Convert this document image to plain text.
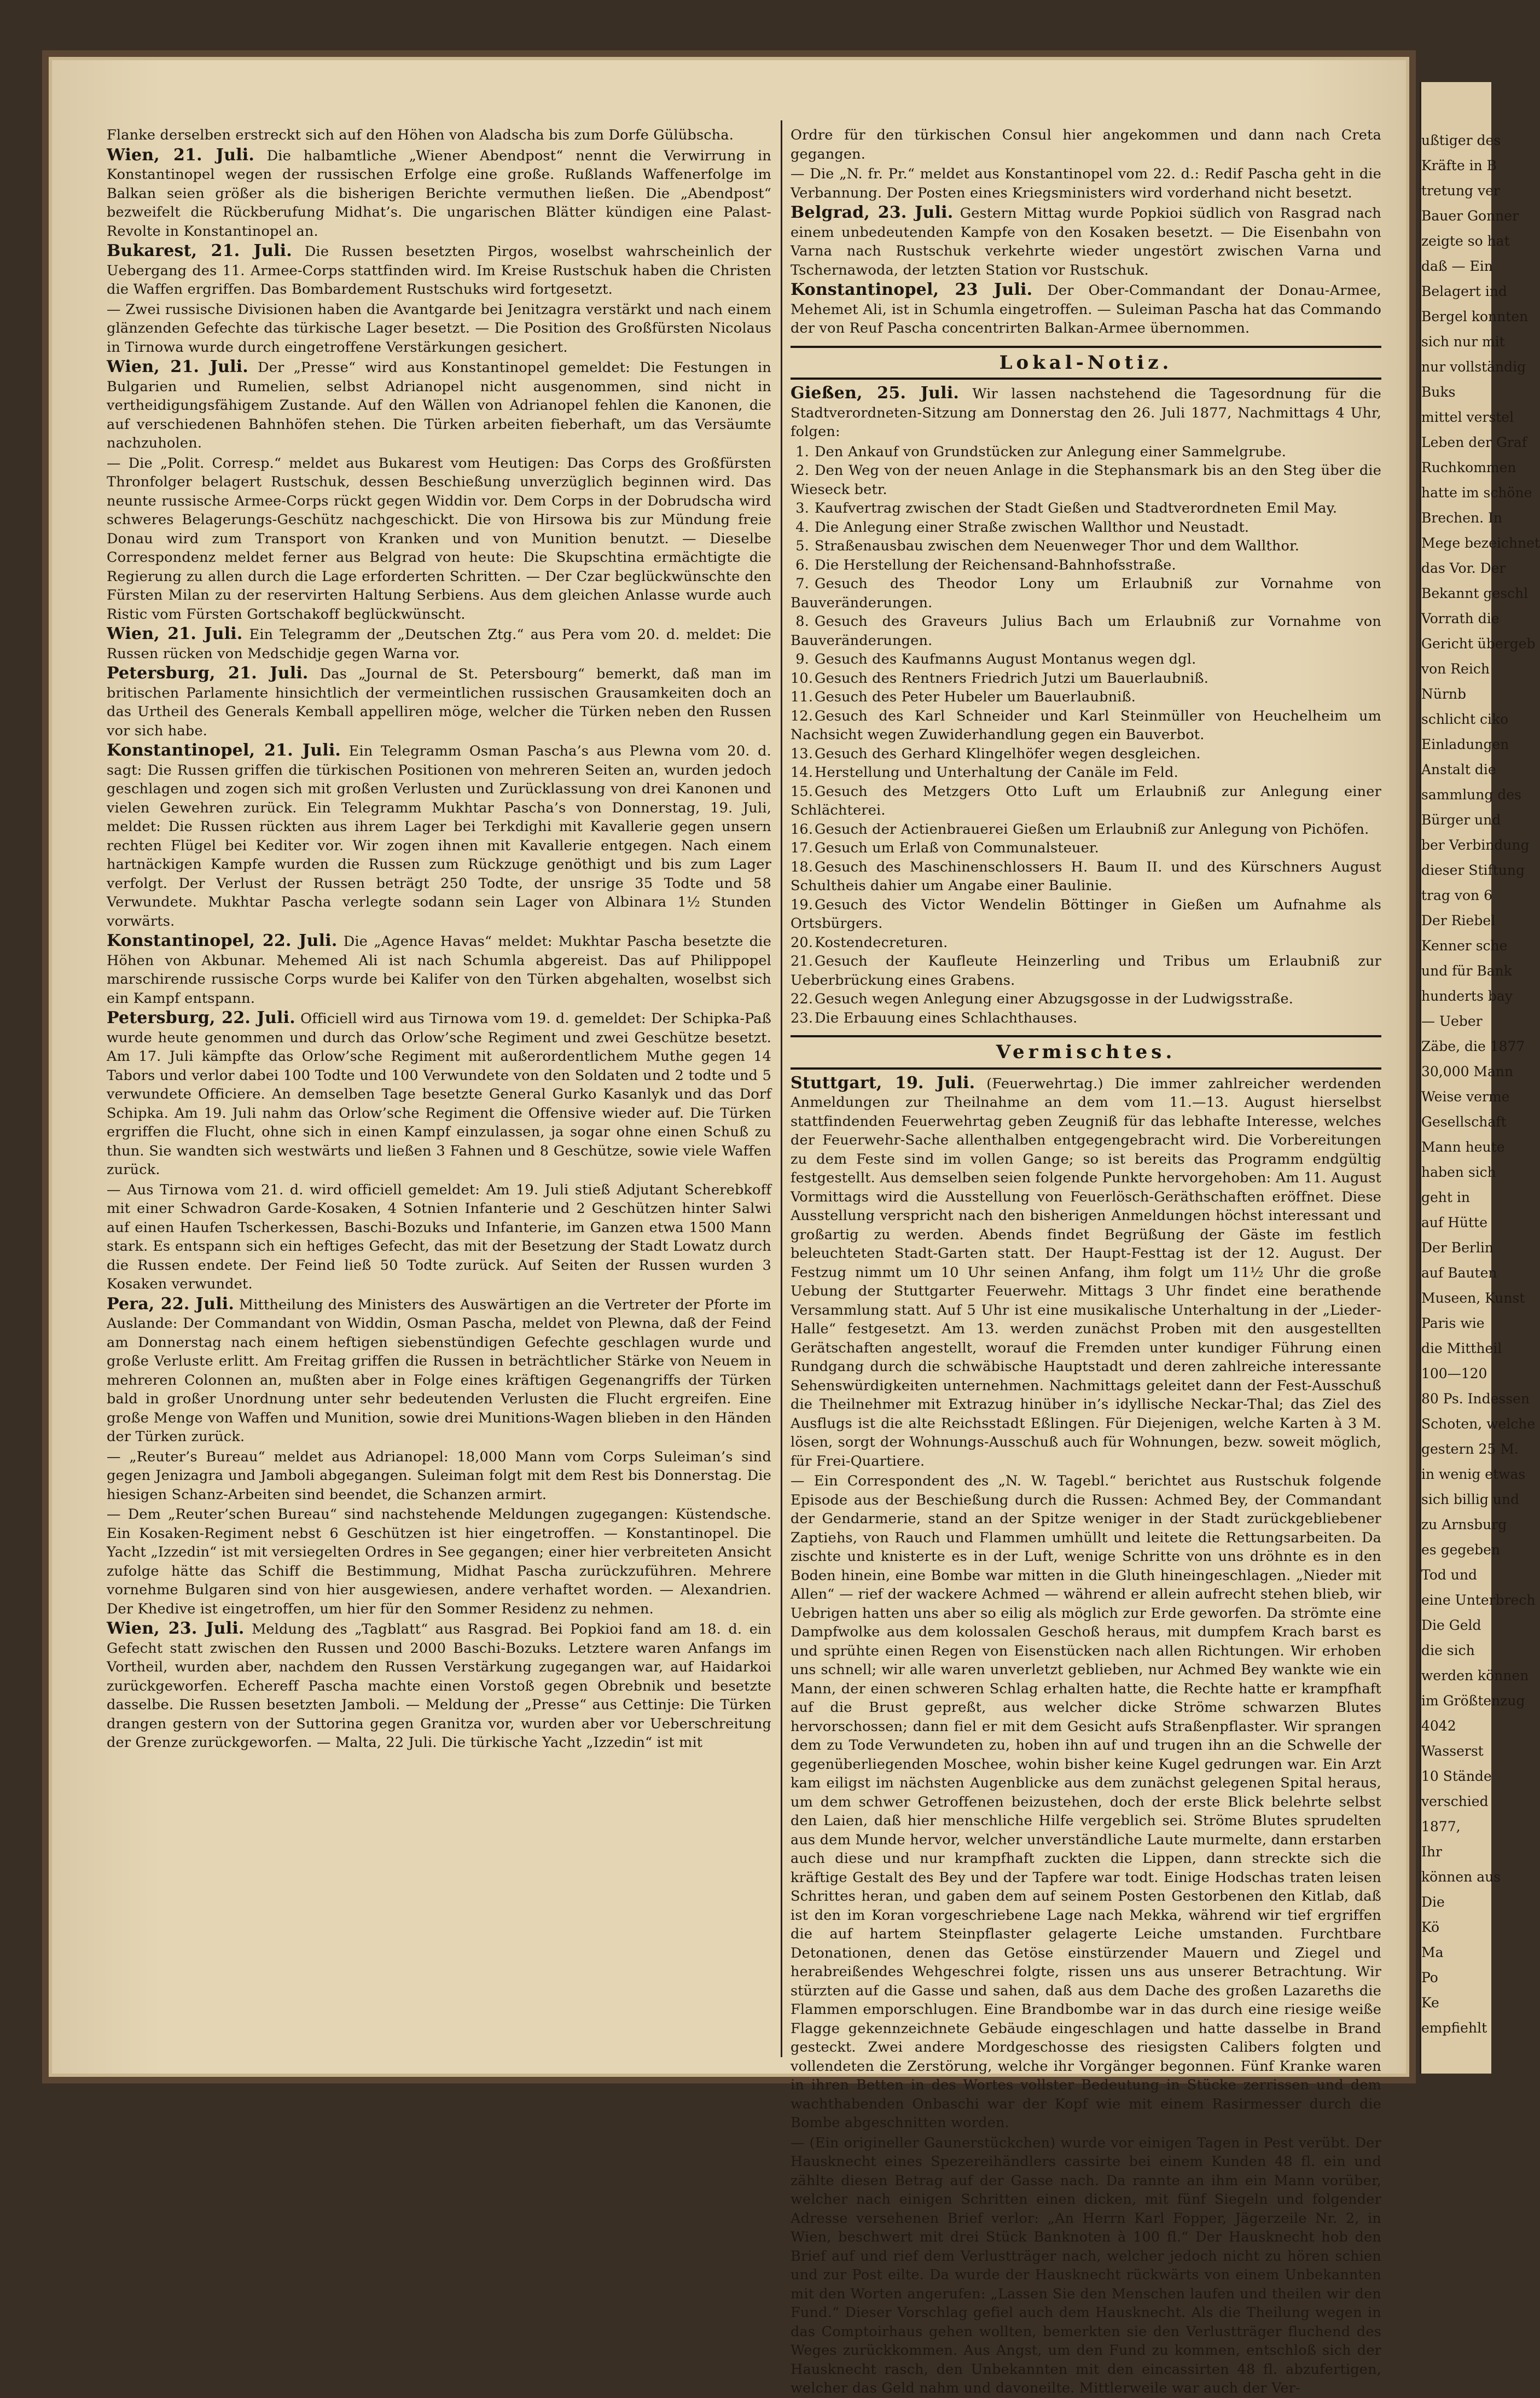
Flanke derselben erstreckt sich auf den Höhen von Aladscha bis zum Dorfe Gülübscha.

Wien, 21. Juli. Die halbamtliche „Wiener Abendpost“ nennt die Verwirrung in Konstantinopel wegen der russischen Erfolge eine große. Rußlands Waffenerfolge im Balkan seien größer als die bisherigen Berichte vermuthen ließen. Die „Abendpost“ bezweifelt die Rückberufung Midhat’s. Die ungarischen Blätter kündigen eine Palast-Revolte in Konstantinopel an.

Bukarest, 21. Juli. Die Russen besetzten Pirgos, woselbst wahrscheinlich der Uebergang des 11. Armee-Corps stattfinden wird. Im Kreise Rustschuk haben die Christen die Waffen ergriffen. Das Bombardement Rustschuks wird fortgesetzt.

— Zwei russische Divisionen haben die Avantgarde bei Jenitzagra verstärkt und nach einem glänzenden Gefechte das türkische Lager besetzt. — Die Position des Großfürsten Nicolaus in Tirnowa wurde durch eingetroffene Verstärkungen gesichert.

Wien, 21. Juli. Der „Presse“ wird aus Konstantinopel gemeldet: Die Festungen in Bulgarien und Rumelien, selbst Adrianopel nicht ausgenommen, sind nicht in vertheidigungsfähigem Zustande. Auf den Wällen von Adrianopel fehlen die Kanonen, die auf verschiedenen Bahnhöfen stehen. Die Türken arbeiten fieberhaft, um das Versäumte nachzuholen.

— Die „Polit. Corresp.“ meldet aus Bukarest vom Heutigen: Das Corps des Großfürsten Thronfolger belagert Rustschuk, dessen Beschießung unverzüglich beginnen wird. Das neunte russische Armee-Corps rückt gegen Widdin vor. Dem Corps in der Dobrudscha wird schweres Belagerungs-Geschütz nachgeschickt. Die von Hirsowa bis zur Mündung freie Donau wird zum Transport von Kranken und von Munition benutzt. — Dieselbe Correspondenz meldet ferner aus Belgrad von heute: Die Skupschtina ermächtigte die Regierung zu allen durch die Lage erforderten Schritten. — Der Czar beglückwünschte den Fürsten Milan zu der reservirten Haltung Serbiens. Aus dem gleichen Anlasse wurde auch Ristic vom Fürsten Gortschakoff beglückwünscht.

Wien, 21. Juli. Ein Telegramm der „Deutschen Ztg.“ aus Pera vom 20. d. meldet: Die Russen rücken von Medschidje gegen Warna vor.

Petersburg, 21. Juli. Das „Journal de St. Petersbourg“ bemerkt, daß man im britischen Parlamente hinsichtlich der vermeintlichen russischen Grausamkeiten doch an das Urtheil des Generals Kemball appelliren möge, welcher die Türken neben den Russen vor sich habe.

Konstantinopel, 21. Juli. Ein Telegramm Osman Pascha’s aus Plewna vom 20. d. sagt: Die Russen griffen die türkischen Positionen von mehreren Seiten an, wurden jedoch geschlagen und zogen sich mit großen Verlusten und Zurücklassung von drei Kanonen und vielen Gewehren zurück. Ein Telegramm Mukhtar Pascha’s von Donnerstag, 19. Juli, meldet: Die Russen rückten aus ihrem Lager bei Terkdighi mit Kavallerie gegen unsern rechten Flügel bei Kediter vor. Wir zogen ihnen mit Kavallerie entgegen. Nach einem hartnäckigen Kampfe wurden die Russen zum Rückzuge genöthigt und bis zum Lager verfolgt. Der Verlust der Russen beträgt 250 Todte, der unsrige 35 Todte und 58 Verwundete. Mukhtar Pascha verlegte sodann sein Lager von Albinara 1½ Stunden vorwärts.

Konstantinopel, 22. Juli. Die „Agence Havas“ meldet: Mukhtar Pascha besetzte die Höhen von Akbunar. Mehemed Ali ist nach Schumla abgereist. Das auf Philippopel marschirende russische Corps wurde bei Kalifer von den Türken abgehalten, woselbst sich ein Kampf entspann.

Petersburg, 22. Juli. Officiell wird aus Tirnowa vom 19. d. gemeldet: Der Schipka-Paß wurde heute genommen und durch das Orlow’sche Regiment und zwei Geschütze besetzt. Am 17. Juli kämpfte das Orlow’sche Regiment mit außerordentlichem Muthe gegen 14 Tabors und verlor dabei 100 Todte und 100 Verwundete von den Soldaten und 2 todte und 5 verwundete Officiere. An demselben Tage besetzte General Gurko Kasanlyk und das Dorf Schipka. Am 19. Juli nahm das Orlow’sche Regiment die Offensive wieder auf. Die Türken ergriffen die Flucht, ohne sich in einen Kampf einzulassen, ja sogar ohne einen Schuß zu thun. Sie wandten sich westwärts und ließen 3 Fahnen und 8 Geschütze, sowie viele Waffen zurück.

— Aus Tirnowa vom 21. d. wird officiell gemeldet: Am 19. Juli stieß Adjutant Scherebkoff mit einer Schwadron Garde-Kosaken, 4 Sotnien Infanterie und 2 Geschützen hinter Salwi auf einen Haufen Tscherkessen, Baschi-Bozuks und Infanterie, im Ganzen etwa 1500 Mann stark. Es entspann sich ein heftiges Gefecht, das mit der Besetzung der Stadt Lowatz durch die Russen endete. Der Feind ließ 50 Todte zurück. Auf Seiten der Russen wurden 3 Kosaken verwundet.

Pera, 22. Juli. Mittheilung des Ministers des Auswärtigen an die Vertreter der Pforte im Auslande: Der Commandant von Widdin, Osman Pascha, meldet von Plewna, daß der Feind am Donnerstag nach einem heftigen siebenstündigen Gefechte geschlagen wurde und große Verluste erlitt. Am Freitag griffen die Russen in beträchtlicher Stärke von Neuem in mehreren Colonnen an, mußten aber in Folge eines kräftigen Gegenangriffs der Türken bald in großer Unordnung unter sehr bedeutenden Verlusten die Flucht ergreifen. Eine große Menge von Waffen und Munition, sowie drei Munitions-Wagen blieben in den Händen der Türken zurück.

— „Reuter’s Bureau“ meldet aus Adrianopel: 18,000 Mann vom Corps Suleiman’s sind gegen Jenizagra und Jamboli abgegangen. Suleiman folgt mit dem Rest bis Donnerstag. Die hiesigen Schanz-Arbeiten sind beendet, die Schanzen armirt.

— Dem „Reuter’schen Bureau“ sind nachstehende Meldungen zugegangen: Küstendsche. Ein Kosaken-Regiment nebst 6 Geschützen ist hier eingetroffen. — Konstantinopel. Die Yacht „Izzedin“ ist mit versiegelten Ordres in See gegangen; einer hier verbreiteten Ansicht zufolge hätte das Schiff die Bestimmung, Midhat Pascha zurückzuführen. Mehrere vornehme Bulgaren sind von hier ausgewiesen, andere verhaftet worden. — Alexandrien. Der Khedive ist eingetroffen, um hier für den Sommer Residenz zu nehmen.

Wien, 23. Juli. Meldung des „Tagblatt“ aus Rasgrad. Bei Popkioi fand am 18. d. ein Gefecht statt zwischen den Russen und 2000 Baschi-Bozuks. Letztere waren Anfangs im Vortheil, wurden aber, nachdem den Russen Verstärkung zugegangen war, auf Haidarkoi zurückgeworfen. Echereff Pascha machte einen Vorstoß gegen Obrebnik und besetzte dasselbe. Die Russen besetzten Jamboli. — Meldung der „Presse“ aus Cettinje: Die Türken drangen gestern von der Suttorina gegen Granitza vor, wurden aber vor Ueberschreitung der Grenze zurückgeworfen. — Malta, 22 Juli. Die türkische Yacht „Izzedin“ ist mit

Ordre für den türkischen Consul hier angekommen und dann nach Creta gegangen.

— Die „N. fr. Pr.“ meldet aus Konstantinopel vom 22. d.: Redif Pascha geht in die Verbannung. Der Posten eines Kriegsministers wird vorderhand nicht besetzt.

Belgrad, 23. Juli. Gestern Mittag wurde Popkioi südlich von Rasgrad nach einem unbedeutenden Kampfe von den Kosaken besetzt. — Die Eisenbahn von Varna nach Rustschuk verkehrte wieder ungestört zwischen Varna und Tschernawoda, der letzten Station vor Rustschuk.

Konstantinopel, 23 Juli. Der Ober-Commandant der Donau-Armee, Mehemet Ali, ist in Schumla eingetroffen. — Suleiman Pascha hat das Commando der von Reuf Pascha concentrirten Balkan-Armee übernommen.

Lokal-Notiz.

Gießen, 25. Juli. Wir lassen nachstehend die Tagesordnung für die Stadtverordneten-Sitzung am Donnerstag den 26. Juli 1877, Nachmittags 4 Uhr, folgen:

1. Den Ankauf von Grundstücken zur Anlegung einer Sammelgrube.
2. Den Weg von der neuen Anlage in die Stephansmark bis an den Steg über die Wieseck betr.
3. Kaufvertrag zwischen der Stadt Gießen und Stadtverordneten Emil May.
4. Die Anlegung einer Straße zwischen Wallthor und Neustadt.
5. Straßenausbau zwischen dem Neuenweger Thor und dem Wallthor.
6. Die Herstellung der Reichensand-Bahnhofsstraße.
7. Gesuch des Theodor Lony um Erlaubniß zur Vornahme von Bauveränderungen.
8. Gesuch des Graveurs Julius Bach um Erlaubniß zur Vornahme von Bauveränderungen.
9. Gesuch des Kaufmanns August Montanus wegen dgl.
10. Gesuch des Rentners Friedrich Jutzi um Bauerlaubniß.
11. Gesuch des Peter Hubeler um Bauerlaubniß.
12. Gesuch des Karl Schneider und Karl Steinmüller von Heuchelheim um Nachsicht wegen Zuwiderhandlung gegen ein Bauverbot.
13. Gesuch des Gerhard Klingelhöfer wegen desgleichen.
14. Herstellung und Unterhaltung der Canäle im Feld.
15. Gesuch des Metzgers Otto Luft um Erlaubniß zur Anlegung einer Schlächterei.
16. Gesuch der Actienbrauerei Gießen um Erlaubniß zur Anlegung von Pichöfen.
17. Gesuch um Erlaß von Communalsteuer.
18. Gesuch des Maschinenschlossers H. Baum II. und des Kürschners August Schultheis dahier um Angabe einer Baulinie.
19. Gesuch des Victor Wendelin Böttinger in Gießen um Aufnahme als Ortsbürgers.
20. Kostendecreturen.
21. Gesuch der Kaufleute Heinzerling und Tribus um Erlaubniß zur Ueberbrückung eines Grabens.
22. Gesuch wegen Anlegung einer Abzugsgosse in der Ludwigsstraße.
23. Die Erbauung eines Schlachthauses.
Vermischtes.

Stuttgart, 19. Juli. (Feuerwehrtag.) Die immer zahlreicher werdenden Anmeldungen zur Theilnahme an dem vom 11.—13. August hierselbst stattfindenden Feuerwehrtag geben Zeugniß für das lebhafte Interesse, welches der Feuerwehr-Sache allenthalben entgegengebracht wird. Die Vorbereitungen zu dem Feste sind im vollen Gange; so ist bereits das Programm endgültig festgestellt. Aus demselben seien folgende Punkte hervorgehoben: Am 11. August Vormittags wird die Ausstellung von Feuerlösch-Geräthschaften eröffnet. Diese Ausstellung verspricht nach den bisherigen Anmeldungen höchst interessant und großartig zu werden. Abends findet Begrüßung der Gäste im festlich beleuchteten Stadt-Garten statt. Der Haupt-Festtag ist der 12. August. Der Festzug nimmt um 10 Uhr seinen Anfang, ihm folgt um 11½ Uhr die große Uebung der Stuttgarter Feuerwehr. Mittags 3 Uhr findet eine berathende Versammlung statt. Auf 5 Uhr ist eine musikalische Unterhaltung in der „Lieder-Halle“ festgesetzt. Am 13. werden zunächst Proben mit den ausgestellten Gerätschaften angestellt, worauf die Fremden unter kundiger Führung einen Rundgang durch die schwäbische Hauptstadt und deren zahlreiche interessante Sehenswürdigkeiten unternehmen. Nachmittags geleitet dann der Fest-Ausschuß die Theilnehmer mit Extrazug hinüber in’s idyllische Neckar-Thal; das Ziel des Ausflugs ist die alte Reichsstadt Eßlingen. Für Diejenigen, welche Karten à 3 M. lösen, sorgt der Wohnungs-Ausschuß auch für Wohnungen, bezw. soweit möglich, für Frei-Quartiere.

— Ein Correspondent des „N. W. Tagebl.“ berichtet aus Rustschuk folgende Episode aus der Beschießung durch die Russen: Achmed Bey, der Commandant der Gendarmerie, stand an der Spitze weniger in der Stadt zurückgebliebener Zaptiehs, von Rauch und Flammen umhüllt und leitete die Rettungsarbeiten. Da zischte und knisterte es in der Luft, wenige Schritte von uns dröhnte es in den Boden hinein, eine Bombe war mitten in die Gluth hineingeschlagen. „Nieder mit Allen“ — rief der wackere Achmed — während er allein aufrecht stehen blieb, wir Uebrigen hatten uns aber so eilig als möglich zur Erde geworfen. Da strömte eine Dampfwolke aus dem kolossalen Geschoß heraus, mit dumpfem Krach barst es und sprühte einen Regen von Eisenstücken nach allen Richtungen. Wir erhoben uns schnell; wir alle waren unverletzt geblieben, nur Achmed Bey wankte wie ein Mann, der einen schweren Schlag erhalten hatte, die Rechte hatte er krampfhaft auf die Brust gepreßt, aus welcher dicke Ströme schwarzen Blutes hervorschossen; dann fiel er mit dem Gesicht aufs Straßenpflaster. Wir sprangen dem zu Tode Verwundeten zu, hoben ihn auf und trugen ihn an die Schwelle der gegenüberliegenden Moschee, wohin bisher keine Kugel gedrungen war. Ein Arzt kam eiligst im nächsten Augenblicke aus dem zunächst gelegenen Spital heraus, um dem schwer Getroffenen beizustehen, doch der erste Blick belehrte selbst den Laien, daß hier menschliche Hilfe vergeblich sei. Ströme Blutes sprudelten aus dem Munde hervor, welcher unverständliche Laute murmelte, dann erstarben auch diese und nur krampfhaft zuckten die Lippen, dann streckte sich die kräftige Gestalt des Bey und der Tapfere war todt. Einige Hodschas traten leisen Schrittes heran, und gaben dem auf seinem Posten Gestorbenen den Kitlab, daß ist den im Koran vorgeschriebene Lage nach Mekka, während wir tief ergriffen die auf hartem Steinpflaster gelagerte Leiche umstanden. Furchtbare Detonationen, denen das Getöse einstürzender Mauern und Ziegel und herabreißendes Wehgeschrei folgte, rissen uns aus unserer Betrachtung. Wir stürzten auf die Gasse und sahen, daß aus dem Dache des großen Lazareths die Flammen emporschlugen. Eine Brandbombe war in das durch eine riesige weiße Flagge gekennzeichnete Gebäude eingeschlagen und hatte dasselbe in Brand gesteckt. Zwei andere Mordgeschosse des riesigsten Calibers folgten und vollendeten die Zerstörung, welche ihr Vorgänger begonnen. Fünf Kranke waren in ihren Betten in des Wortes vollster Bedeutung in Stücke zerrissen und dem wachthabenden Onbaschi war der Kopf wie mit einem Rasirmesser durch die Bombe abgeschnitten worden.

— (Ein origineller Gaunerstückchen) wurde vor einigen Tagen in Pest verübt. Der Hausknecht eines Spezereihändlers cassirte bei einem Kunden 48 fl. ein und zählte diesen Betrag auf der Gasse nach. Da rannte an ihm ein Mann vorüber, welcher nach einigen Schritten einen dicken, mit fünf Siegeln und folgender Adresse versehenen Brief verlor: „An Herrn Karl Fopper, Jägerzeile Nr. 2, in Wien, beschwert mit drei Stück Banknoten à 100 fl.“ Der Hausknecht hob den Brief auf und rief dem Verlustträger nach, welcher jedoch nicht zu hören schien und zur Post eilte. Da wurde der Hausknecht rückwärts von einem Unbekannten mit den Worten angerufen: „Lassen Sie den Menschen laufen und theilen wir den Fund.“ Dieser Vorschlag gefiel auch dem Hausknecht. Als die Theilung wegen in das Comptoirhaus gehen wollten, bemerkten sie den Verlustträger fluchend des Weges zurückkommen. Aus Angst, um den Fund zu kommen, entschloß sich der Hausknecht rasch, den Unbekannten mit den eincassirten 48 fl. abzufertigen, welcher das Geld nahm und davoneilte. Mittlerweile war auch der Ver-

ußtiger des
Kräfte in B
tretung ver
Bauer Gonner
zeigte so hat
daß — Ein
Belagert ind
Bergel konnten
sich nur mit
nur vollständig
Buks
mittel verstel
Leben der Graf
Ruchkommen
hatte im schöne
Brechen. In
Mege bezeichnet
das Vor. Der
Bekannt geschl
Vorrath die
Gericht übergeb
von Reich
Nürnb
schlicht ciko
Einladungen
Anstalt die
sammlung des
Bürger und
ber Verbindung
dieser Stiftung
trag von 6
Der Riebel
Kenner sche
und für Bank
hunderts bay
— Ueber
Zäbe, die 1877
30,000 Mann
Weise verme
Gesellschaft
Mann heute
haben sich
geht in
auf Hütte
Der Berlin
auf Bauten
Museen, Kunst
Paris wie
die Mittheil
100—120
80 Ps. Indessen
Schoten, welche
gestern 25 M.
in wenig etwas
sich billig und
zu Arnsburg
es gegeben
Tod und
eine Unterbrech
Die Geld
die sich
werden können
im Größtenzug
4042
Wasserst
10 Stände
verschied
1877,
Ihr
können aus
Die
Kö
Ma
Po
Ke
empfiehlt
